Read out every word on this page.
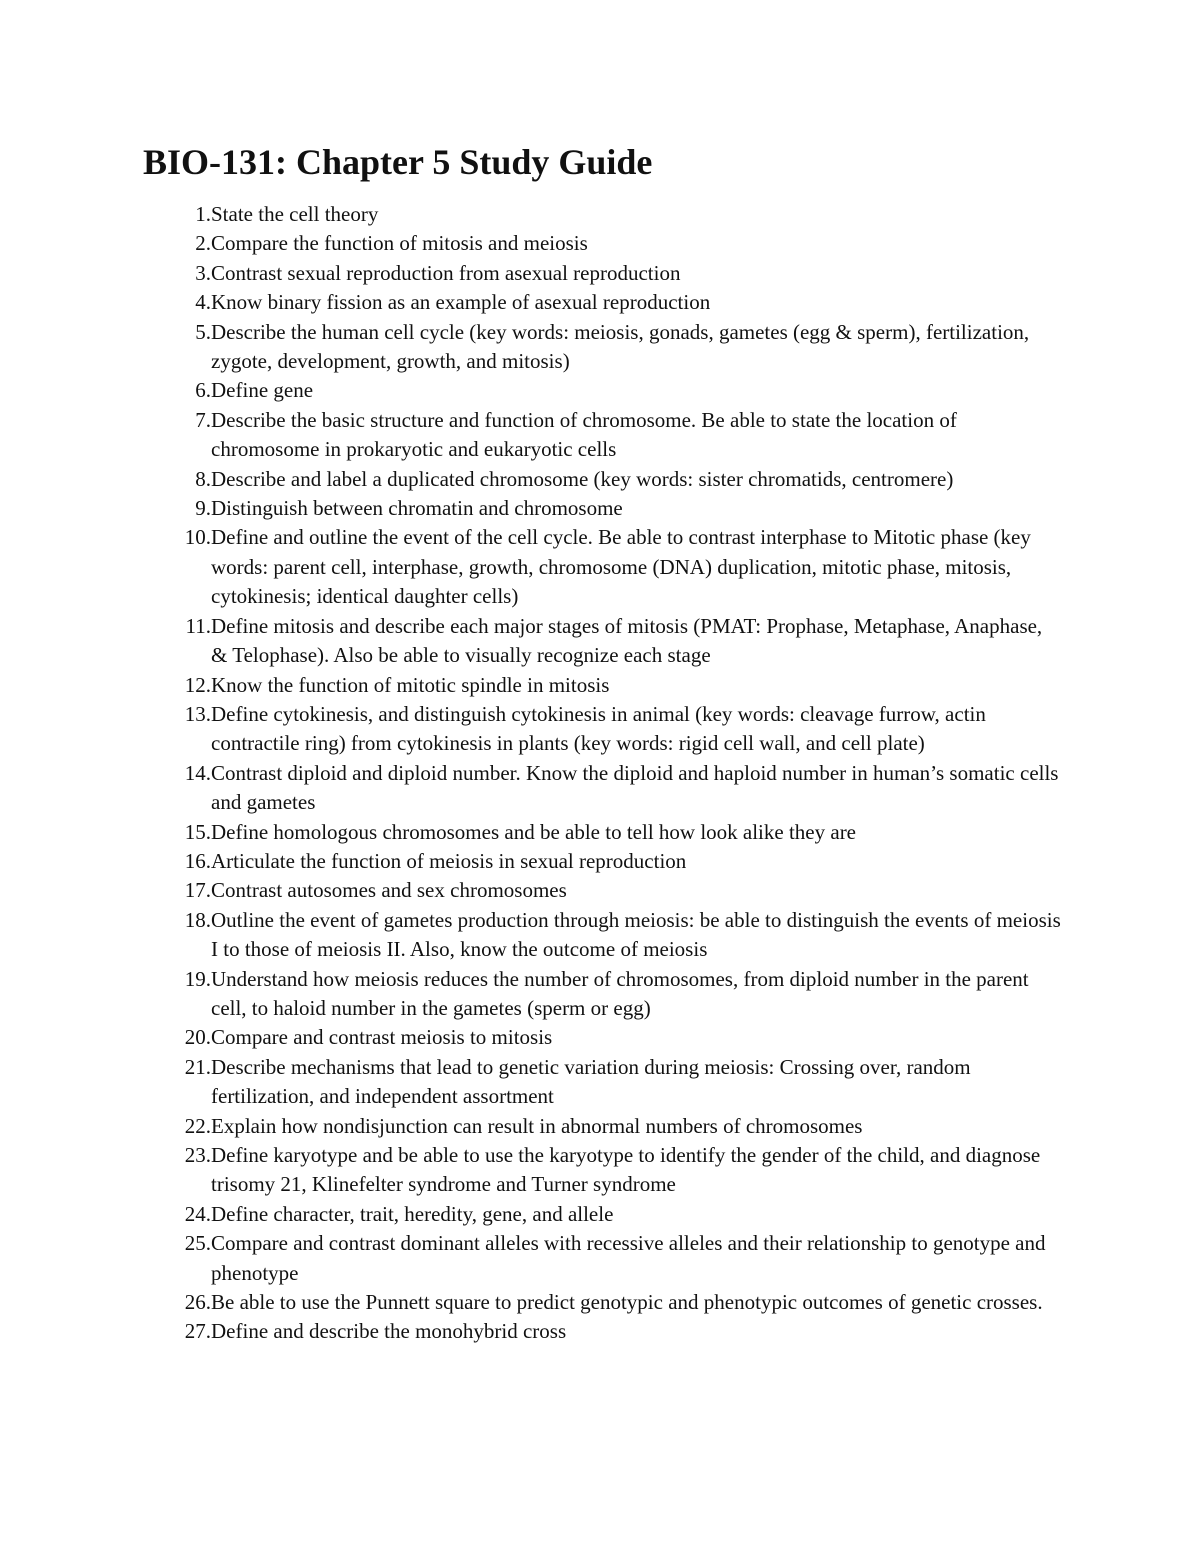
BIO-131: Chapter 5 Study Guide
1. State the cell theory
2. Compare the function of mitosis and meiosis
3. Contrast sexual reproduction from asexual reproduction
4. Know binary fission as an example of asexual reproduction
5. Describe the human cell cycle (key words: meiosis, gonads, gametes (egg & sperm), fertilization, zygote, development, growth, and mitosis)
6. Define gene
7. Describe the basic structure and function of chromosome. Be able to state the location of chromosome in prokaryotic and eukaryotic cells
8. Describe and label a duplicated chromosome (key words: sister chromatids, centromere)
9. Distinguish between chromatin and chromosome
10. Define and outline the event of the cell cycle. Be able to contrast interphase to Mitotic phase (key words: parent cell, interphase, growth, chromosome (DNA) duplication, mitotic phase, mitosis, cytokinesis; identical daughter cells)
11. Define mitosis and describe each major stages of mitosis (PMAT: Prophase, Metaphase, Anaphase, & Telophase). Also be able to visually recognize each stage
12. Know the function of mitotic spindle in mitosis
13. Define cytokinesis, and distinguish cytokinesis in animal (key words: cleavage furrow, actin contractile ring) from cytokinesis in plants (key words: rigid cell wall, and cell plate)
14. Contrast diploid and diploid number. Know the diploid and haploid number in human’s somatic cells and gametes
15. Define homologous chromosomes and be able to tell how look alike they are
16. Articulate the function of meiosis in sexual reproduction
17. Contrast autosomes and sex chromosomes
18. Outline the event of gametes production through meiosis: be able to distinguish the events of meiosis I to those of meiosis II. Also, know the outcome of meiosis
19. Understand how meiosis reduces the number of chromosomes, from diploid number in the parent cell, to haloid number in the gametes (sperm or egg)
20. Compare and contrast meiosis to mitosis
21. Describe mechanisms that lead to genetic variation during meiosis: Crossing over, random fertilization, and independent assortment
22. Explain how nondisjunction can result in abnormal numbers of chromosomes
23. Define karyotype and be able to use the karyotype to identify the gender of the child, and diagnose trisomy 21, Klinefelter syndrome and Turner syndrome
24. Define character, trait, heredity, gene, and allele
25. Compare and contrast dominant alleles with recessive alleles and their relationship to genotype and phenotype
26. Be able to use the Punnett square to predict genotypic and phenotypic outcomes of genetic crosses.
27. Define and describe the monohybrid cross
